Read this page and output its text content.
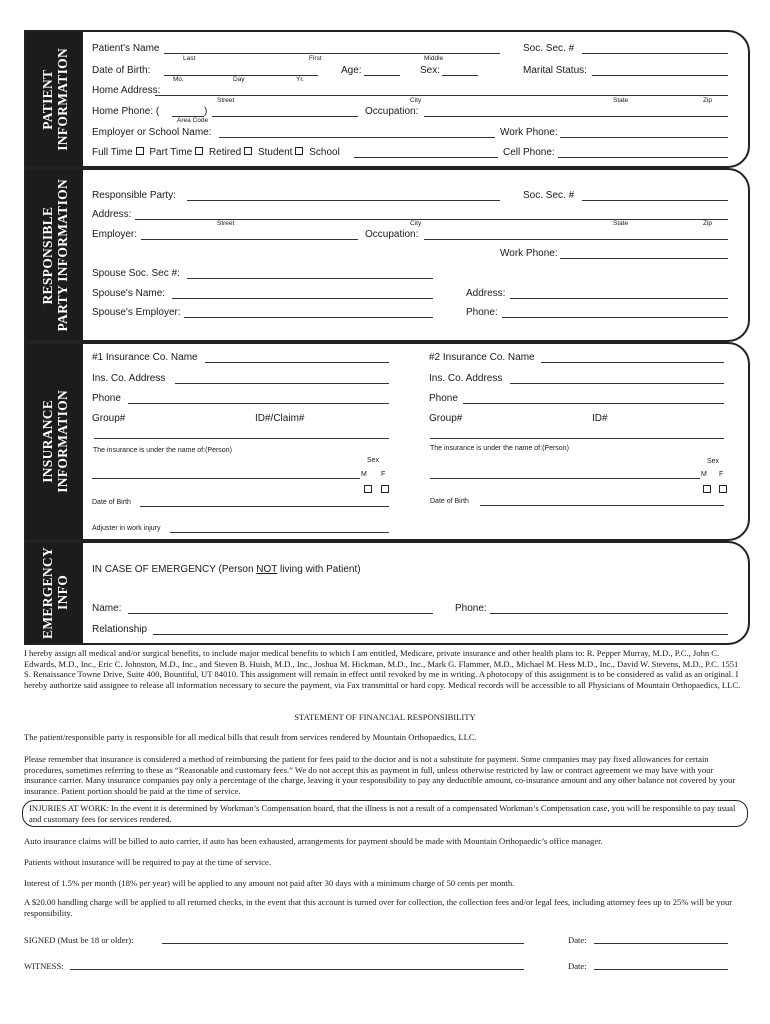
PATIENT
INFORMATION Patient's Name
Last	First	Middle
Soc. Sec. #
Date of Birth:
Mo.	Day	Yr.
Age:	Sex:	Marital Status:
Home Address:
Street	City	State	Zip
Home Phone: (	)
Area Code
Occupation:
Employer or School Name:	Work Phone:
Full Time Part Time Retired Student School	Cell Phone:
RESPONSIBLE
PARTY INFORMATION Responsible Party:	Soc. Sec. #
Address:
Street	City	State	Zip
Employer:	Occupation:
Work Phone:
Spouse Soc. Sec #:
Spouse's Name:	Address:
Spouse's Employer:	Phone:
INSURANCE
INFORMATION
#1 Insurance Co. Name
Ins. Co. Address
Phone
Group#	ID#/Claim#
The insurance is under the name of:(Person)
Sex
M F
Date of Birth
Adjuster in work injury
#2 Insurance Co. Name
Ins. Co. Address
Phone
Group#	ID#
The insurance is under the name of:(Person)
Sex
M F
Date of Birth
EMERGENCY
INFO
IN CASE OF EMERGENCY (Person NOT living with Patient)
Name:	Phone:
Relationship
I hereby assign all medical and/or surgical benefits, to include major medical benefits to which I am entitled, Medicare, private insurance and other health plans to: R. Pepper Murray, M.D., P.C., John C. Edwards, M.D., Inc., Eric C. Johnston, M.D., Inc., and Steven B. Huish, M.D., Inc., Joshua M. Hickman, M.D., Inc., Mark G. Flammer, M.D., Michael M. Hess M.D., Inc., David W. Stevens, M.D., P.C. 1551 S. Renaissance Towne Drive, Suite 400, Bountiful, UT 84010. This assignment will remain in effect until revoked by me in writing. A photocopy of this assignment is to be considered as valid as an original. I hereby authorize said assignee to release all information necessary to secure the payment, via Fax transmittal or hard copy. Medical records will be accessible to all Physicians of Mountain Orthopaedics, LLC.
STATEMENT OF FINANCIAL RESPONSIBILITY
The patient/responsible party is responsible for all medical bills that result from services rendered by Mountain Orthopaedics, LLC.
Please remember that insurance is considered a method of reimbursing the patient for fees paid to the doctor and is not a substitute for payment. Some companies may pay fixed allowances for certain procedures, sometimes referring to these as “Reasonable and customary fees.” We do not accept this as payment in full, unless otherwise restricted by law or contract agreement we may have with your insurance carrier. Many insurance companies pay only a percentage of the charge, leaving it your responsibility to pay any deductible amount, co-insurance amount and any other balance not covered by your insurance. Patient portion should be paid at the time of service.
INJURIES AT WORK: In the event it is determined by Workman’s Compensation board, that the illness is not a result of a compensated Workman’s Compensation case, you will be responsible to pay usual and customary fees for services rendered.
Auto insurance claims will be billed to auto carrier, if auto has been exhausted, arrangements for payment should be made with Mountain Orthopaedic’s office manager.
Patients without insurance will be required to pay at the time of service.
Interest of 1.5% per month (18% per year) will be applied to any amount not paid after 30 days with a minimum charge of 50 cents per month.
A $20.00 handling charge will be applied to all returned checks, in the event that this account is turned over for collection, the collection fees and/or legal fees, including attorney fees up to 25% will be your responsibility.
SIGNED (Must be 18 or older):	Date:
WITNESS:	Date:
